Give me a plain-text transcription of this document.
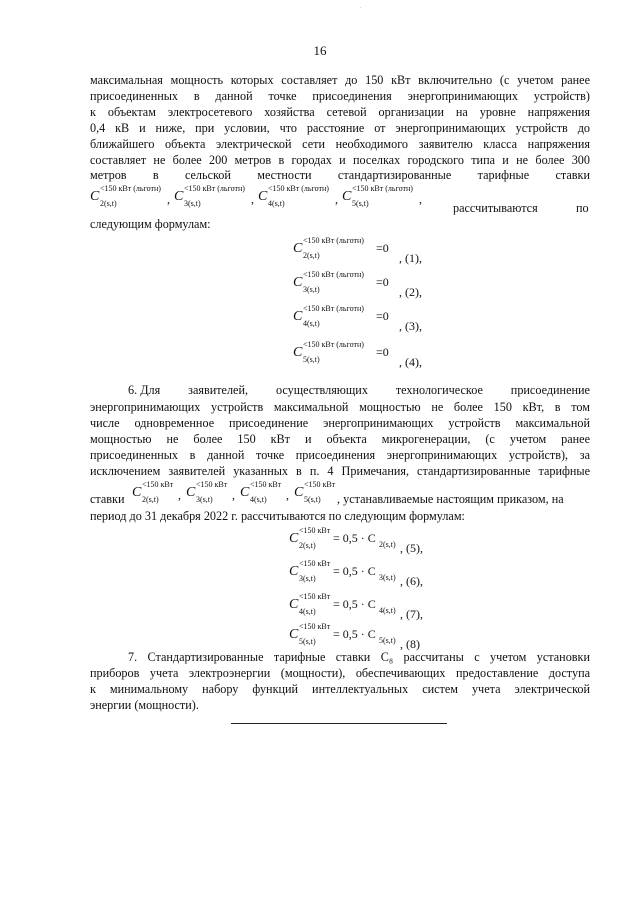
.
16
максимальная мощность которых составляет до 150 кВт включительно (с учетом ранее
присоединенных в данной точке присоединения энергопринимающих устройств)
к объектам электросетевого хозяйства сетевой организации на уровне напряжения
0,4 кВ и ниже, при условии, что расстояние от энергопринимающих устройств до
ближайшего объекта электрической сети необходимого заявителю класса напряжения
составляет не более 200 метров в городах и поселках городского типа и не более 300
метров в сельской местности стандартизированные тарифные ставки
C
<150 кВт (льготн)
2(s,t)	, C
<150 кВт (льготн)
3(s,t)	, C
<150 кВт (льготн)
4(s,t)	, C
<150 кВт (льготн)
5(s,t)	,
рассчитываются	по
следующим формулам:
C
<150 кВт (льготн)
2(s,t)
=0
, (1),
C
<150 кВт (льготн)
3(s,t)
=0
, (2),
C
<150 кВт (льготн)
4(s,t)
=0
, (3),
C
<150 кВт (льготн)
5(s,t)
=0
, (4),
6. Для заявителей, осуществляющих технологическое присоединение
энергопринимающих устройств максимальной мощностью не более 150 кВт, в том
числе одновременное присоединение энергопринимающих устройств максимальной
мощностью не более 150 кВт и объекта микрогенерации, (с учетом ранее
присоединенных в данной точке присоединения энергопринимающих устройств), за
исключением заявителей указанных в п. 4 Примечания, стандартизированные тарифные
ставки C
<150 кВт
2(s,t) , C
<150 кВт
3(s,t) , C
<150 кВт
4(s,t) , C
<150 кВт
5(s,t) , устанавливаемые настоящим приказом, на
период до 31 декабря 2022 г. рассчитываются по следующим формулам:
C
<150 кВт
2(s,t)
= 0,5 · C 2(s,t) , (5),
C
<150 кВт
3(s,t)
= 0,5 · C 3(s,t) , (6),
C
<150 кВт
4(s,t)
= 0,5 · C 4(s,t) , (7),
C
<150 кВт
5(s,t)
= 0,5 · C 5(s,t) , (8)
7. Стандартизированные тарифные ставки C₈ рассчитаны с учетом установки
приборов учета электроэнергии (мощности), обеспечивающих предоставление доступа
к минимальному набору функций интеллектуальных систем учета электрической
энергии (мощности).
